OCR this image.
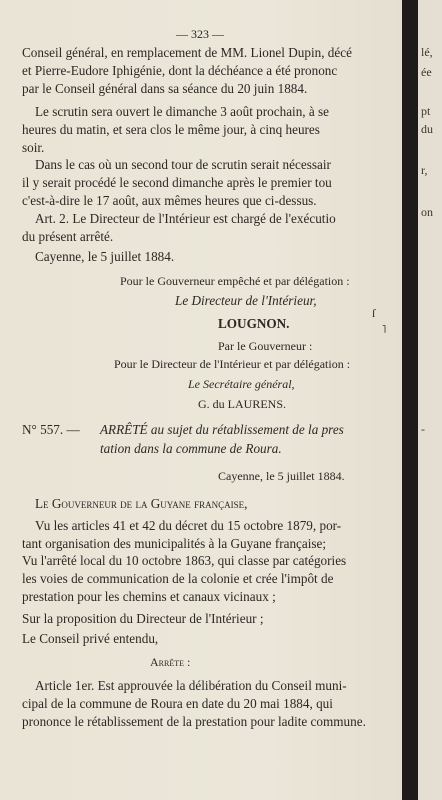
— 323 —
Conseil général, en remplacement de MM. Lionel Dupin, décé
et Pierre-Eudore Iphigénie, dont la déchéance a été prononc
par le Conseil général dans sa séance du 20 juin 1884.
Le scrutin sera ouvert le dimanche 3 août prochain, à se
heures du matin, et sera clos le même jour, à cinq heures
soir.
Dans le cas où un second tour de scrutin serait nécessair
il y serait procédé le second dimanche après le premier tou
c'est-à-dire le 17 août, aux mêmes heures que ci-dessus.
Art. 2. Le Directeur de l'Intérieur est chargé de l'exécutio
du présent arrêté.
Cayenne, le 5 juillet 1884.
Pour le Gouverneur empêché et par délégation :
Le Directeur de l'Intérieur,
LOUGNON.
Par le Gouverneur :
Pour le Directeur de l'Intérieur et par délégation :
Le Secrétaire général,
G. du LAURENS.
N° 557. — ARRÊTÉ au sujet du rétablissement de la pres
tation dans la commune de Roura.
Cayenne, le 5 juillet 1884.
Le Gouverneur de la Guyane française,
Vu les articles 41 et 42 du décret du 15 octobre 1879, por-
tant organisation des municipalités à la Guyane française;
Vu l'arrêté local du 10 octobre 1863, qui classe par catégories
les voies de communication de la colonie et crée l'impôt de
prestation pour les chemins et canaux vicinaux ;
Sur la proposition du Directeur de l'Intérieur ;
Le Conseil privé entendu,
Arrête :
Article 1er. Est approuvée la délibération du Conseil muni-
cipal de la commune de Roura en date du 20 mai 1884, qui
prononce le rétablissement de la prestation pour ladite commune.
lé,
ée
pt
du
r,
on
-
ſ
˥
